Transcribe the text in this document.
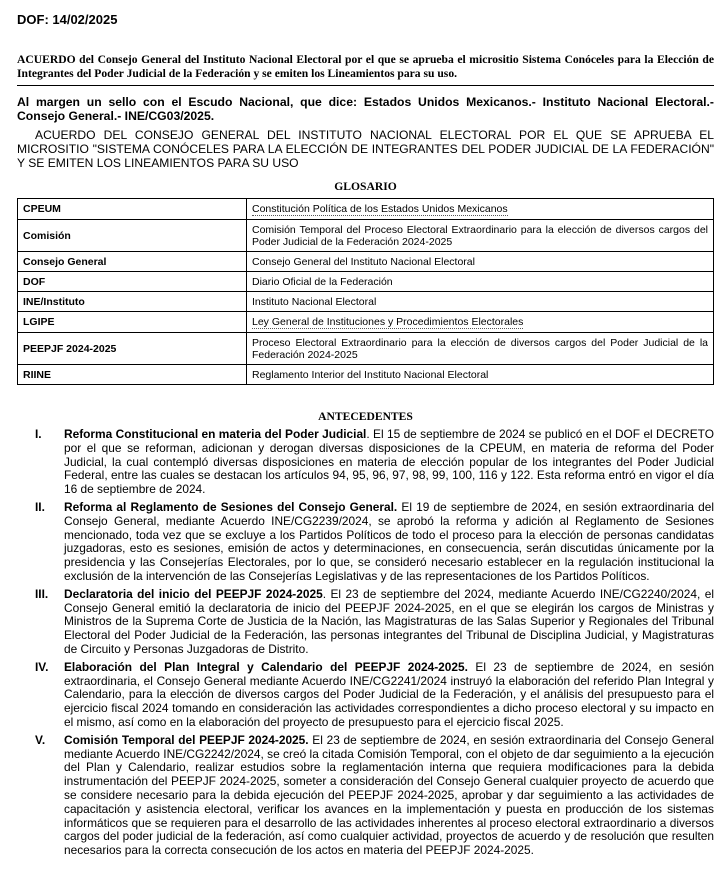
DOF: 14/02/2025
ACUERDO del Consejo General del Instituto Nacional Electoral por el que se aprueba el micrositio Sistema Conóceles para la Elección de Integrantes del Poder Judicial de la Federación y se emiten los Lineamientos para su uso.
Al margen un sello con el Escudo Nacional, que dice: Estados Unidos Mexicanos.- Instituto Nacional Electoral.- Consejo General.- INE/CG03/2025.
ACUERDO DEL CONSEJO GENERAL DEL INSTITUTO NACIONAL ELECTORAL POR EL QUE SE APRUEBA EL MICROSITIO "SISTEMA CONÓCELES PARA LA ELECCIÓN DE INTEGRANTES DEL PODER JUDICIAL DE LA FEDERACIÓN" Y SE EMITEN LOS LINEAMIENTOS PARA SU USO
GLOSARIO
CPEUM	Constitución Política de los Estados Unidos Mexicanos
Comisión	Comisión Temporal del Proceso Electoral Extraordinario para la elección de diversos cargos del Poder Judicial de la Federación 2024-2025
Consejo General	Consejo General del Instituto Nacional Electoral
DOF	Diario Oficial de la Federación
INE/Instituto	Instituto Nacional Electoral
LGIPE	Ley General de Instituciones y Procedimientos Electorales
PEEPJF 2024-2025	Proceso Electoral Extraordinario para la elección de diversos cargos del Poder Judicial de la Federación 2024-2025
RIINE	Reglamento Interior del Instituto Nacional Electoral
ANTECEDENTES
I. Reforma Constitucional en materia del Poder Judicial. El 15 de septiembre de 2024 se publicó en el DOF el DECRETO por el que se reforman, adicionan y derogan diversas disposiciones de la CPEUM, en materia de reforma del Poder Judicial, la cual contempló diversas disposiciones en materia de elección popular de los integrantes del Poder Judicial Federal, entre las cuales se destacan los artículos 94, 95, 96, 97, 98, 99, 100, 116 y 122. Esta reforma entró en vigor el día 16 de septiembre de 2024.
II. Reforma al Reglamento de Sesiones del Consejo General. El 19 de septiembre de 2024, en sesión extraordinaria del Consejo General, mediante Acuerdo INE/CG2239/2024, se aprobó la reforma y adición al Reglamento de Sesiones mencionado, toda vez que se excluye a los Partidos Políticos de todo el proceso para la elección de personas candidatas juzgadoras, esto es sesiones, emisión de actos y determinaciones, en consecuencia, serán discutidas únicamente por la presidencia y las Consejerías Electorales, por lo que, se consideró necesario establecer en la regulación institucional la exclusión de la intervención de las Consejerías Legislativas y de las representaciones de los Partidos Políticos.
III. Declaratoria del inicio del PEEPJF 2024-2025. El 23 de septiembre del 2024, mediante Acuerdo INE/CG2240/2024, el Consejo General emitió la declaratoria de inicio del PEEPJF 2024-2025, en el que se elegirán los cargos de Ministras y Ministros de la Suprema Corte de Justicia de la Nación, las Magistraturas de las Salas Superior y Regionales del Tribunal Electoral del Poder Judicial de la Federación, las personas integrantes del Tribunal de Disciplina Judicial, y Magistraturas de Circuito y Personas Juzgadoras de Distrito.
IV. Elaboración del Plan Integral y Calendario del PEEPJF 2024-2025. El 23 de septiembre de 2024, en sesión extraordinaria, el Consejo General mediante Acuerdo INE/CG2241/2024 instruyó la elaboración del referido Plan Integral y Calendario, para la elección de diversos cargos del Poder Judicial de la Federación, y el análisis del presupuesto para el ejercicio fiscal 2024 tomando en consideración las actividades correspondientes a dicho proceso electoral y su impacto en el mismo, así como en la elaboración del proyecto de presupuesto para el ejercicio fiscal 2025.
V. Comisión Temporal del PEEPJF 2024-2025. El 23 de septiembre de 2024, en sesión extraordinaria del Consejo General mediante Acuerdo INE/CG2242/2024, se creó la citada Comisión Temporal, con el objeto de dar seguimiento a la ejecución del Plan y Calendario, realizar estudios sobre la reglamentación interna que requiera modificaciones para la debida instrumentación del PEEPJF 2024-2025, someter a consideración del Consejo General cualquier proyecto de acuerdo que se considere necesario para la debida ejecución del PEEPJF 2024-2025, aprobar y dar seguimiento a las actividades de capacitación y asistencia electoral, verificar los avances en la implementación y puesta en producción de los sistemas informáticos que se requieren para el desarrollo de las actividades inherentes al proceso electoral extraordinario a diversos cargos del poder judicial de la federación, así como cualquier actividad, proyectos de acuerdo y de resolución que resulten necesarios para la correcta consecución de los actos en materia del PEEPJF 2024-2025.
